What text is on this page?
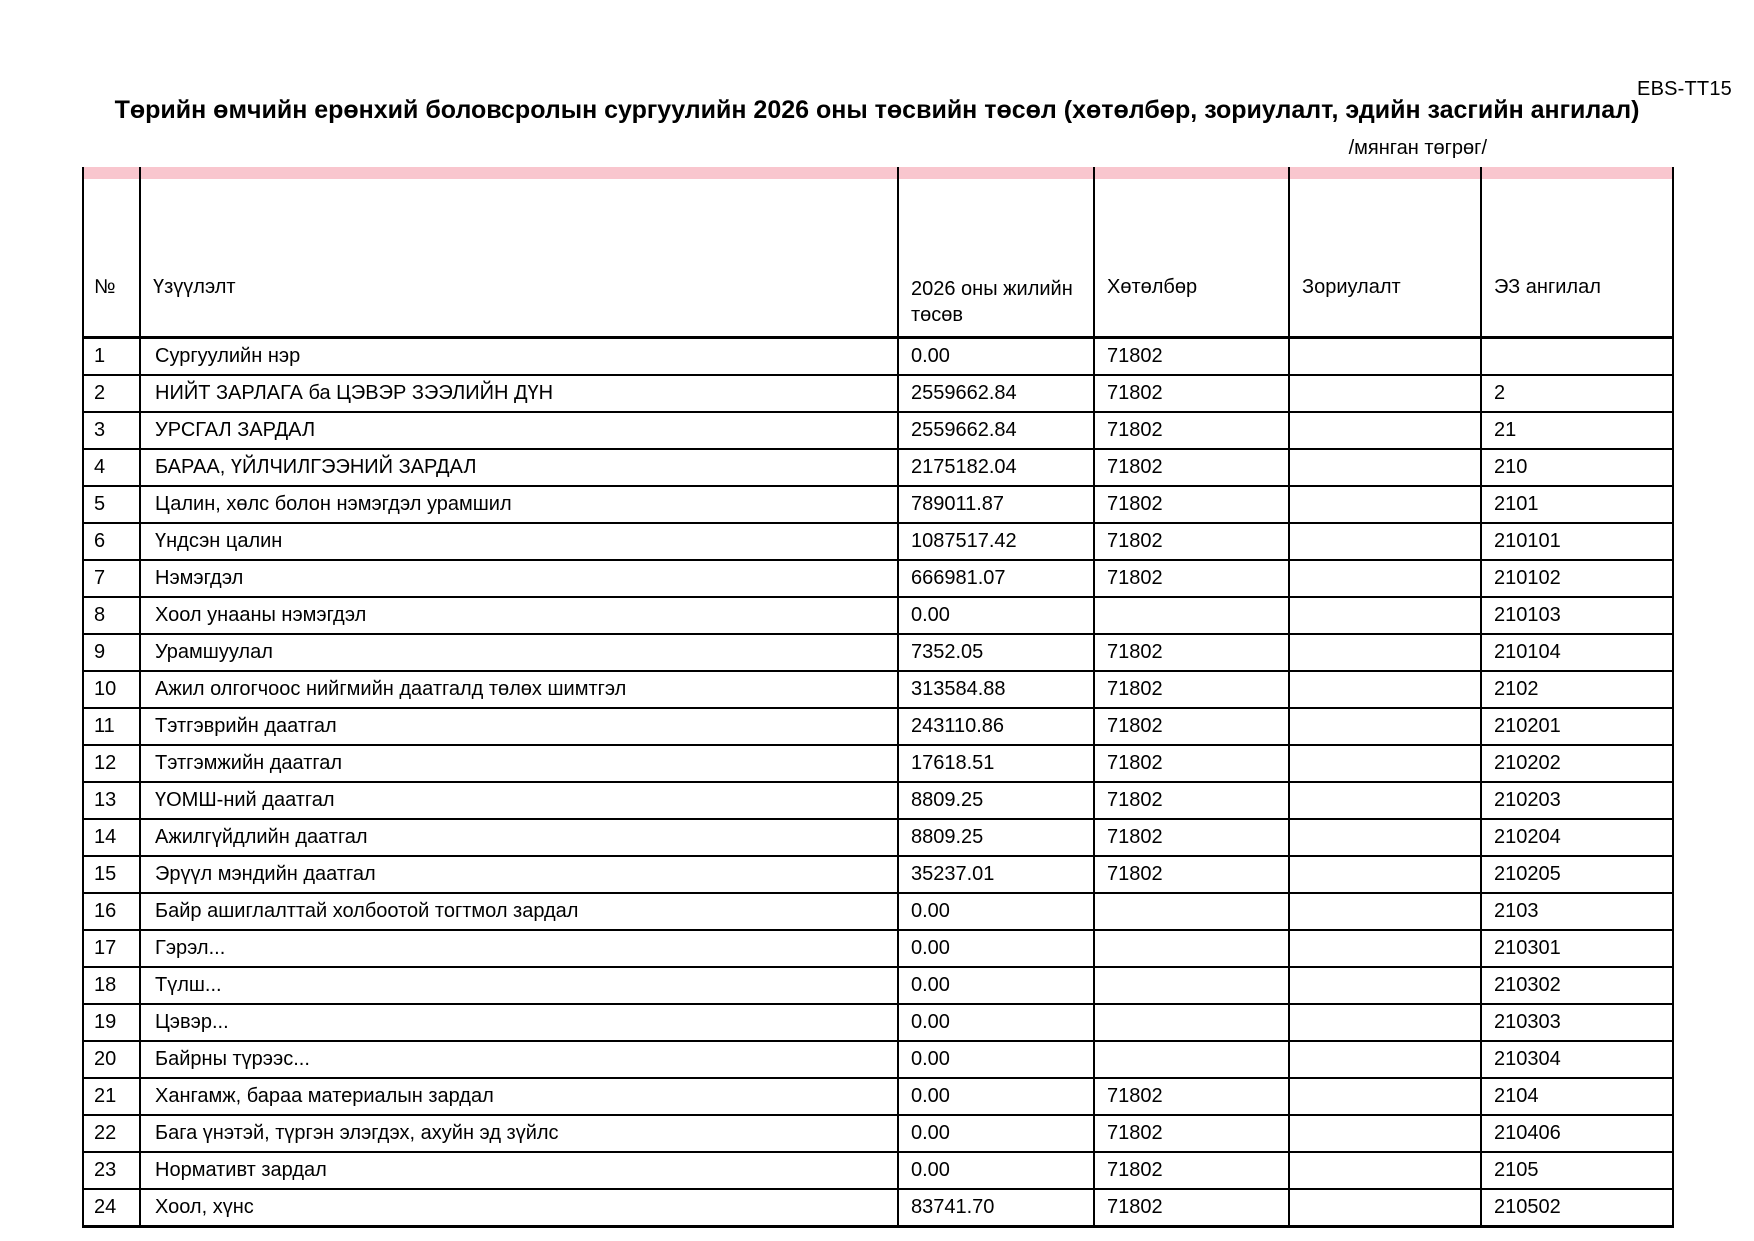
EBS-TT15
Төрийн өмчийн ерөнхий боловсролын сургуулийн 2026 оны төсвийн төсөл (хөтөлбөр, зориулалт, эдийн засгийн ангилал)
/мянган төгрөг/

№	Үзүүлэлт	2026 оны жилийн төсөв	Хөтөлбөр	Зориулалт	ЭЗ ангилал
1	Сургуулийн нэр	0.00	71802		
2	НИЙТ ЗАРЛАГА ба ЦЭВЭР ЗЭЭЛИЙН ДҮН	2559662.84	71802		2
3	УРСГАЛ ЗАРДАЛ	2559662.84	71802		21
4	БАРАА, ҮЙЛЧИЛГЭЭНИЙ ЗАРДАЛ	2175182.04	71802		210
5	Цалин, хөлс болон нэмэгдэл урамшил	789011.87	71802		2101
6	Үндсэн цалин	1087517.42	71802		210101
7	Нэмэгдэл	666981.07	71802		210102
8	Хоол унааны нэмэгдэл	0.00			210103
9	Урамшуулал	7352.05	71802		210104
10	Ажил олгогчоос нийгмийн даатгалд төлөх шимтгэл	313584.88	71802		2102
11	Тэтгэврийн даатгал	243110.86	71802		210201
12	Тэтгэмжийн даатгал	17618.51	71802		210202
13	ҮОМШ-ний даатгал	8809.25	71802		210203
14	Ажилгүйдлийн даатгал	8809.25	71802		210204
15	Эрүүл мэндийн даатгал	35237.01	71802		210205
16	Байр ашиглалттай холбоотой тогтмол зардал	0.00			2103
17	Гэрэл...	0.00			210301
18	Түлш...	0.00			210302
19	Цэвэр...	0.00			210303
20	Байрны түрээс...	0.00			210304
21	Хангамж, бараа материалын зардал	0.00	71802		2104
22	Бага үнэтэй, түргэн элэгдэх, ахуйн эд зүйлс	0.00	71802		210406
23	Нормативт зардал	0.00	71802		2105
24	Хоол, хүнс	83741.70	71802		210502
